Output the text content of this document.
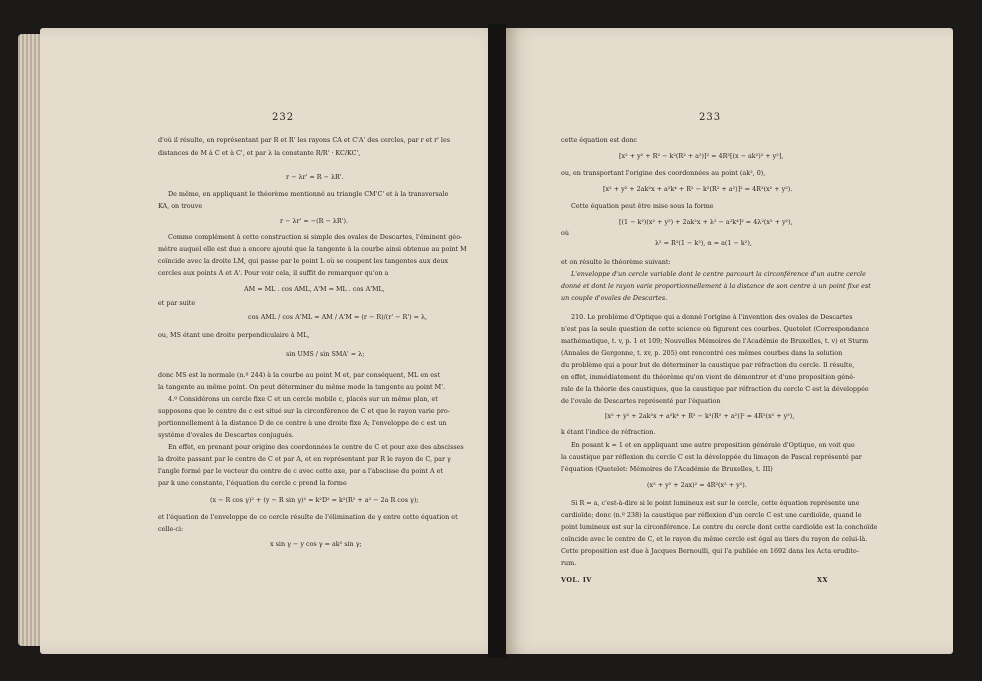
232
d'où il résulte, en représentant par R et R' les rayons CA et C'A' des cercles, par r et r' les
distances de M à C et à C', et par λ la constante R/R' · KC/KC',
r − λr' = R − λR'.
De même, en appliquant le théorème mentionné au triangle CM'C' et à la transversale
KA, on trouve
r − λr' = −(R − λR').
Comme complément à cette construction si simple des ovales de Descartes, l'éminent géo-
mètre auquel elle est due a encore ajouté que la tangente à la courbe ainsi obtenue au point M
coïncide avec la droite LM, qui passe par le point L où se coupent les tangentes aux deux
cercles aux points A et A'. Pour voir cela, il suffit de remarquer qu'on a
AM = ML . cos AML, A'M = ML . cos A'ML,
et par suite
cos AML / cos A'ML = AM / A'M = (r − R)/(r' − R') = λ,
ou, MS étant une droite perpendiculaire à ML,
sin UMS / sin SMA' = λ;
donc MS est la normale (n.º 244) à la courbe au point M et, par conséquent, ML en est
la tangente au même point. On peut déterminer du même mode la tangente au point M'.
4.º Considérons un cercle fixe C et un cercle mobile c, placés sur un même plan, et
supposons que le centre de c est situé sur la circonférence de C et que le rayon varie pro-
portionnellement à la distance D de ce centre à une droite fixe A; l'enveloppe de c est un
système d'ovales de Descartes conjugués.
En effet, en prenant pour origine des coordonnées le centre de C et pour axe des abscisses
la droite passant par le centre de C et par A, et en représentant par R le rayon de C, par γ
l'angle formé par le vecteur du centre de c avec cette axe, par a l'abscisse du point A et
par k une constante, l'équation du cercle c prend la forme
(x − R cos γ)² + (y − R sin γ)² = k²D² = k²(R² + a² − 2a R cos γ);
et l'équation de l'enveloppe de ce cercle résulte de l'élimination de γ entre cette équation et
celle-ci:
x sin γ − y cos γ = ak² sin γ;
233
cette équation est donc
[x² + y² + R² − k²(R² + a²)]² = 4R²[(x − ak²)² + y²],
ou, en transportant l'origine des coordonnées au point (ak², 0),
[x² + y² + 2ak²x + a²k⁴ + R² − k²(R² + a²)]² = 4R²(x² + y²).
Cette équation peut être mise sous la forme
[(1 − k²)(x² + y²) + 2ak²x + λ² − a²k⁴]² = 4λ²(x² + y²),
où
λ² = R²(1 − k²), α = a(1 − k²),
et on résulte le théorème suivant:
L'enveloppe d'un cercle variable dont le centre parcourt la circonférence d'un autre cercle
donné et dont le rayon varie proportionnellement à la distance de son centre à un point fixe est
un couple d'ovales de Descartes.
210. Le problème d'Optique qui a donné l'origine à l'invention des ovales de Descartes
n'est pas la seule question de cette science où figurent ces courbes. Quetelet (Correspondance
mathématique, t. v, p. 1 et 109; Nouvelles Mémoires de l'Académie de Bruxelles, t. v) et Sturm
(Annales de Gergonne, t. xv, p. 205) ont rencontré ces mêmes courbes dans la solution
du problème qui a pour but de déterminer la caustique par réfraction du cercle. Il résulte,
en effet, immédiatement du théorème qu'on vient de démontrer et d'une proposition géné-
rale de la théorie des caustiques, que la caustique par réfraction du cercle C est la développée
de l'ovale de Descartes représenté par l'équation
[x² + y² + 2ak²x + a²k⁴ + R² − k²(R² + a²)]² = 4R²(x² + y²),
k étant l'indice de réfraction.
En posant k = 1 et en appliquant une autre proposition générale d'Optique, on voit que
la caustique par réflexion du cercle C est la développée du limaçon de Pascal représenté par
l'équation (Quetelet: Mémoires de l'Académie de Bruxelles, t. III)
(x² + y² + 2ax)² = 4R²(x² + y²).
Si R = a, c'est-à-dire si le point lumineux est sur le cercle, cette équation représente une
cardioïde; donc (n.º 238) la caustique par réflexion d'un cercle C est une cardioïde, quand le
point lumineux est sur la circonférence. Le centre du cercle dont cette cardioïde est la conchoïde
coïncide avec le centre de C, et le rayon du même cercle est égal au tiers du rayon de celui-là.
Cette proposition est due à Jacques Bernoulli, qui l'a publiée en 1692 dans les Acta erudito-
rum.
VOL. IV	XX
